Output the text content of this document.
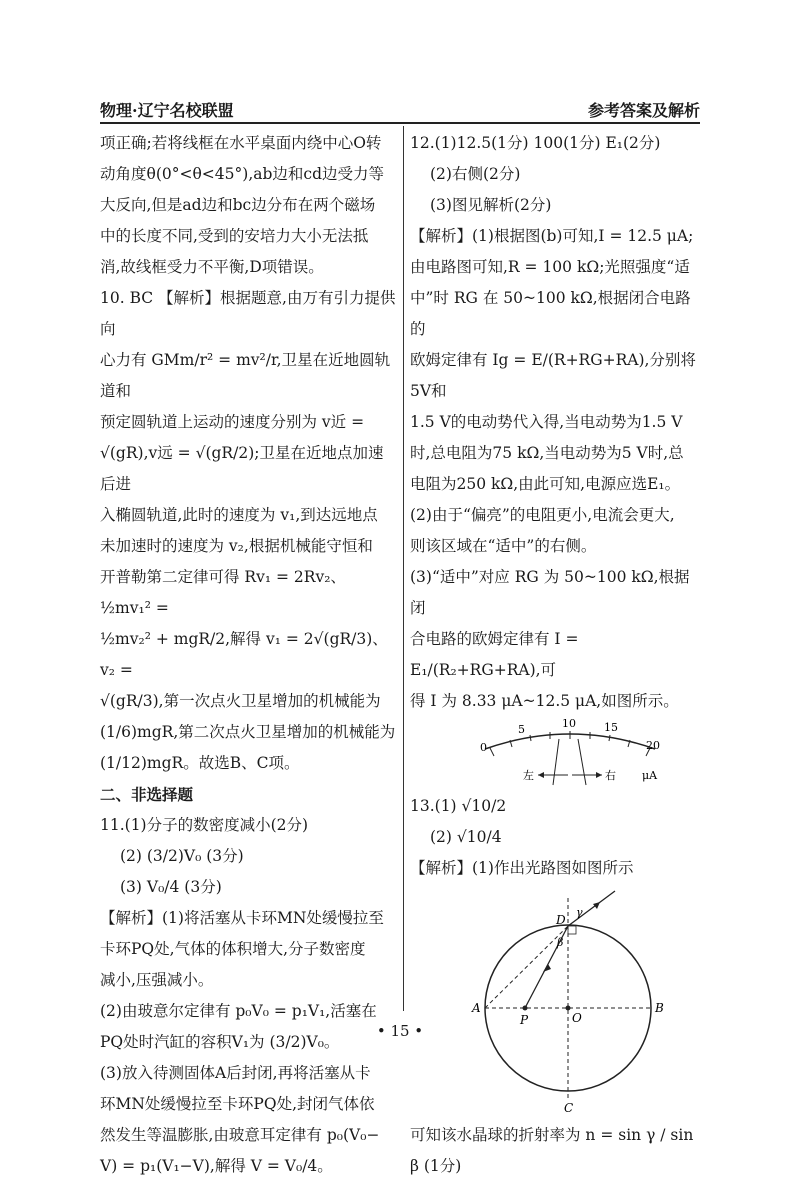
物理·辽宁名校联盟	参考答案及解析

项正确;若将线框在水平桌面内绕中心O转

动角度θ(0°<θ<45°),ab边和cd边受力等

大反向,但是ad边和bc边分布在两个磁场

中的长度不同,受到的安培力大小无法抵

消,故线框受力不平衡,D项错误。

10. BC 【解析】根据题意,由万有引力提供向

心力有 GMm/r² = mv²/r,卫星在近地圆轨道和

预定圆轨道上运动的速度分别为 v近 =

√(gR),v远 = √(gR/2);卫星在近地点加速后进

入椭圆轨道,此时的速度为 v₁,到达远地点

未加速时的速度为 v₂,根据机械能守恒和

开普勒第二定律可得 Rv₁ = 2Rv₂、½mv₁² =

½mv₂² + mgR/2,解得 v₁ = 2√(gR/3)、v₂ =

√(gR/3),第一次点火卫星增加的机械能为

(1/6)mgR,第二次点火卫星增加的机械能为

(1/12)mgR。故选B、C项。

二、非选择题

11.(1)分子的数密度减小(2分)

(2) (3/2)V₀ (3分)

(3) V₀/4 (3分)

【解析】(1)将活塞从卡环MN处缓慢拉至

卡环PQ处,气体的体积增大,分子数密度

减小,压强减小。

(2)由玻意尔定律有 p₀V₀ = p₁V₁,活塞在

PQ处时汽缸的容积V₁为 (3/2)V₀。

(3)放入待测固体A后封闭,再将活塞从卡

环MN处缓慢拉至卡环PQ处,封闭气体依

然发生等温膨胀,由玻意耳定律有 p₀(V₀−

V) = p₁(V₁−V),解得 V = V₀/4。

12.(1)12.5(1分) 100(1分) E₁(2分)

(2)右侧(2分)

(3)图见解析(2分)

【解析】(1)根据图(b)可知,I = 12.5 μA;

由电路图可知,R = 100 kΩ;光照强度“适

中”时 RG 在 50~100 kΩ,根据闭合电路的

欧姆定律有 Ig = E/(R+RG+RA),分别将5V和

1.5 V的电动势代入得,当电动势为1.5 V

时,总电阻为75 kΩ,当电动势为5 V时,总

电阻为250 kΩ,由此可知,电源应选E₁。

(2)由于“偏亮”的电阻更小,电流会更大,

则该区域在“适中”的右侧。

(3)“适中”对应 RG 为 50~100 kΩ,根据闭

合电路的欧姆定律有 I = E₁/(R₂+RG+RA),可

得 I 为 8.33 μA~12.5 μA,如图所示。

0
5	10	15
20
左	右 μA

13.(1) √10/2

(2) √10/4

【解析】(1)作出光路图如图所示

A	B
C
D
O
P
γ
β

可知该水晶球的折射率为 n = sin γ / sin β (1分)

• 15 •
